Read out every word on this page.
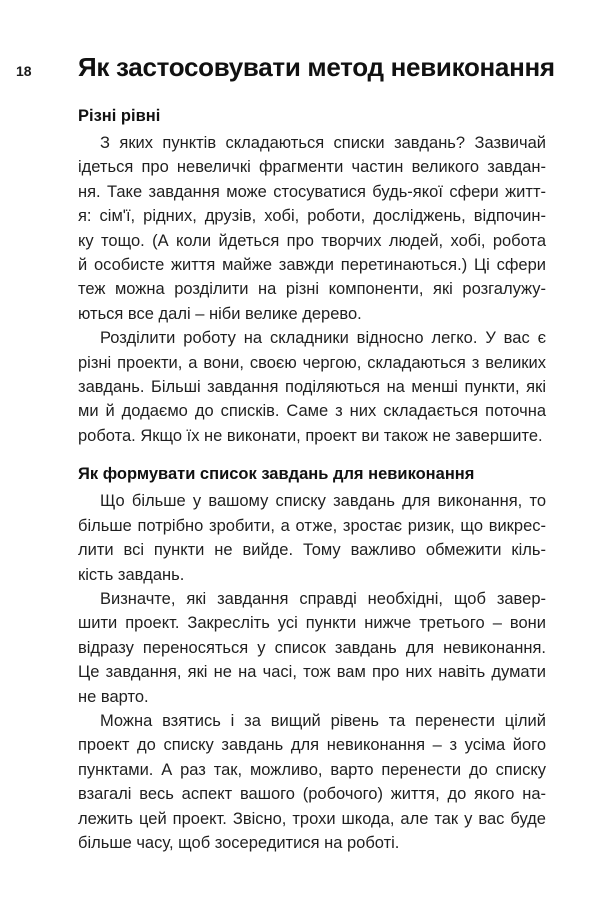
18 Як застосовувати метод невиконання
Різні рівні

З яких пунктів складаються списки завдань? Зазвичай
ідеться про невеличкі фрагменти частин великого завдан-
ня. Таке завдання може стосуватися будь-якої сфери житт-
я: сім'ї, рідних, друзів, хобі, роботи, досліджень, відпочин-
ку тощо. (А коли йдеться про творчих людей, хобі, робота
й особисте життя майже завжди перетинаються.) Ці сфери
теж можна розділити на різні компоненти, які розгалужу-
ються все далі – ніби велике дерево.

Розділити роботу на складники відносно легко. У вас є
різні проекти, а вони, своєю чергою, складаються з великих
завдань. Більші завдання поділяються на менші пункти, які
ми й додаємо до списків. Саме з них складається поточна
робота. Якщо їх не виконати, проект ви також не завершите.

Як формувати список завдань для невиконання

Що більше у вашому списку завдань для виконання, то
більше потрібно зробити, а отже, зростає ризик, що викрес-
лити всі пункти не вийде. Тому важливо обмежити кіль-
кість завдань.

Визначте, які завдання справді необхідні, щоб завер-
шити проект. Закресліть усі пункти нижче третього – вони
відразу переносяться у список завдань для невиконання.
Це завдання, які не на часі, тож вам про них навіть думати
не варто.

Можна взятись і за вищий рівень та перенести цілий
проект до списку завдань для невиконання – з усіма його
пунктами. А раз так, можливо, варто перенести до списку
взагалі весь аспект вашого (робочого) життя, до якого на-
лежить цей проект. Звісно, трохи шкода, але так у вас буде
більше часу, щоб зосередитися на роботі.
